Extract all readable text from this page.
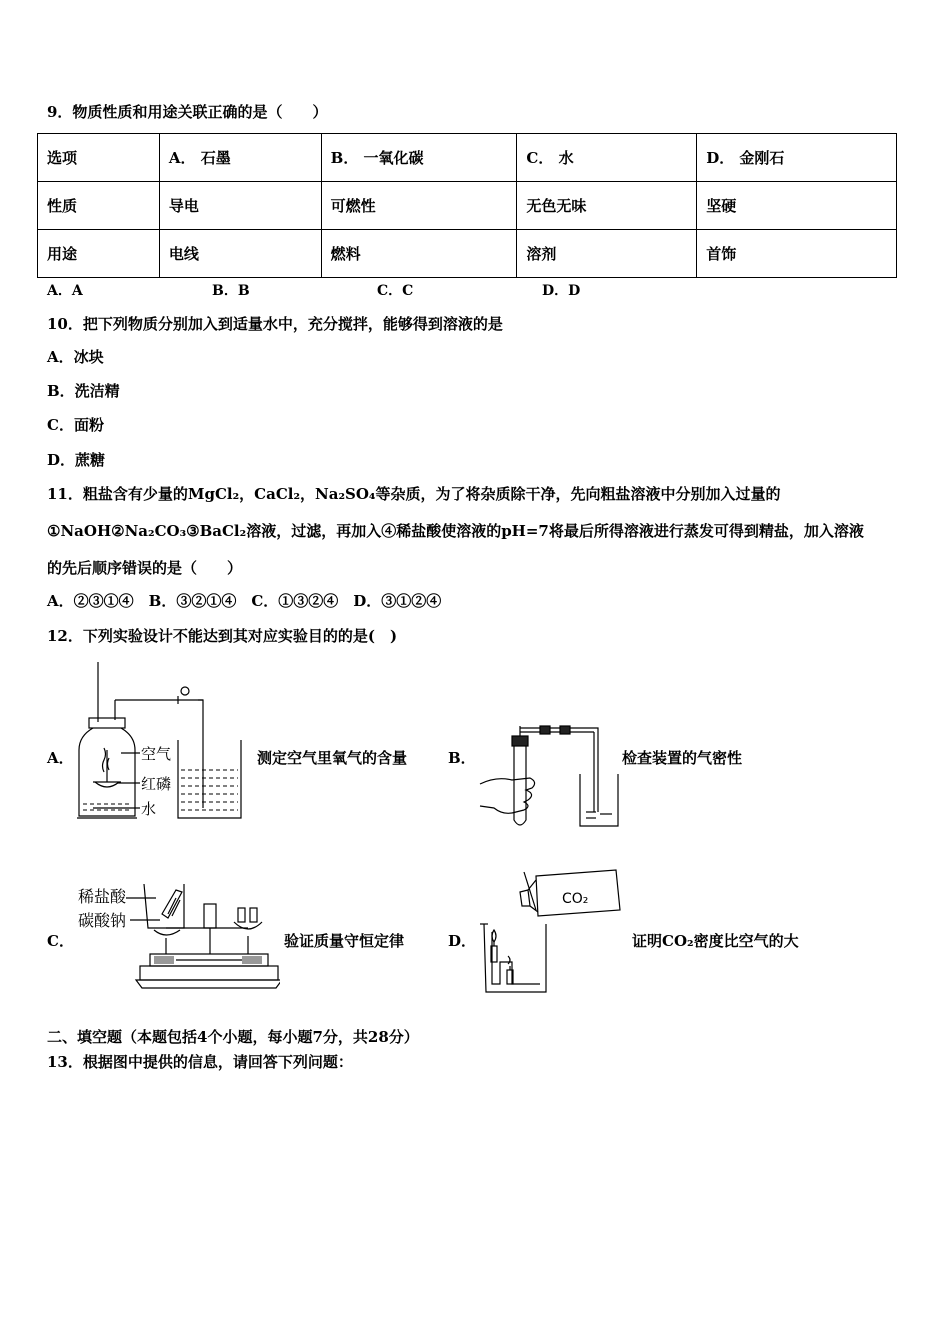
9．物质性质和用途关联正确的是（　　）
选项	A． 石墨	B． 一氧化碳	C． 水	D． 金刚石
性质	导电	可燃性	无色无味	坚硬
用途	电线	燃料	溶剂	首饰
A．A	B．B	C．C	D．D
10．把下列物质分别加入到适量水中，充分搅拌，能够得到溶液的是
A．冰块
B．洗洁精
C．面粉
D．蔗糖
11．粗盐含有少量的MgCl₂，CaCl₂，Na₂SO₄等杂质，为了将杂质除干净，先向粗盐溶液中分别加入过量的
①NaOH②Na₂CO₃③BaCl₂溶液，过滤，再加入④稀盐酸使溶液的pH=7将最后所得溶液进行蒸发可得到精盐，加入溶液
的先后顺序错误的是（　　）
A．②③①④　B．③②①④　C．①③②④　D．③①②④
12．下列实验设计不能达到其对应实验目的的是(　)
A．	空气
红磷
水
测定空气里氧气的含量	B．	检查装置的气密性
C．
稀盐酸
碳酸钠
验证质量守恒定律	D．
CO₂
证明CO₂密度比空气的大
二、填空题（本题包括4个小题，每小题7分，共28分）
13．根据图中提供的信息，请回答下列问题：
